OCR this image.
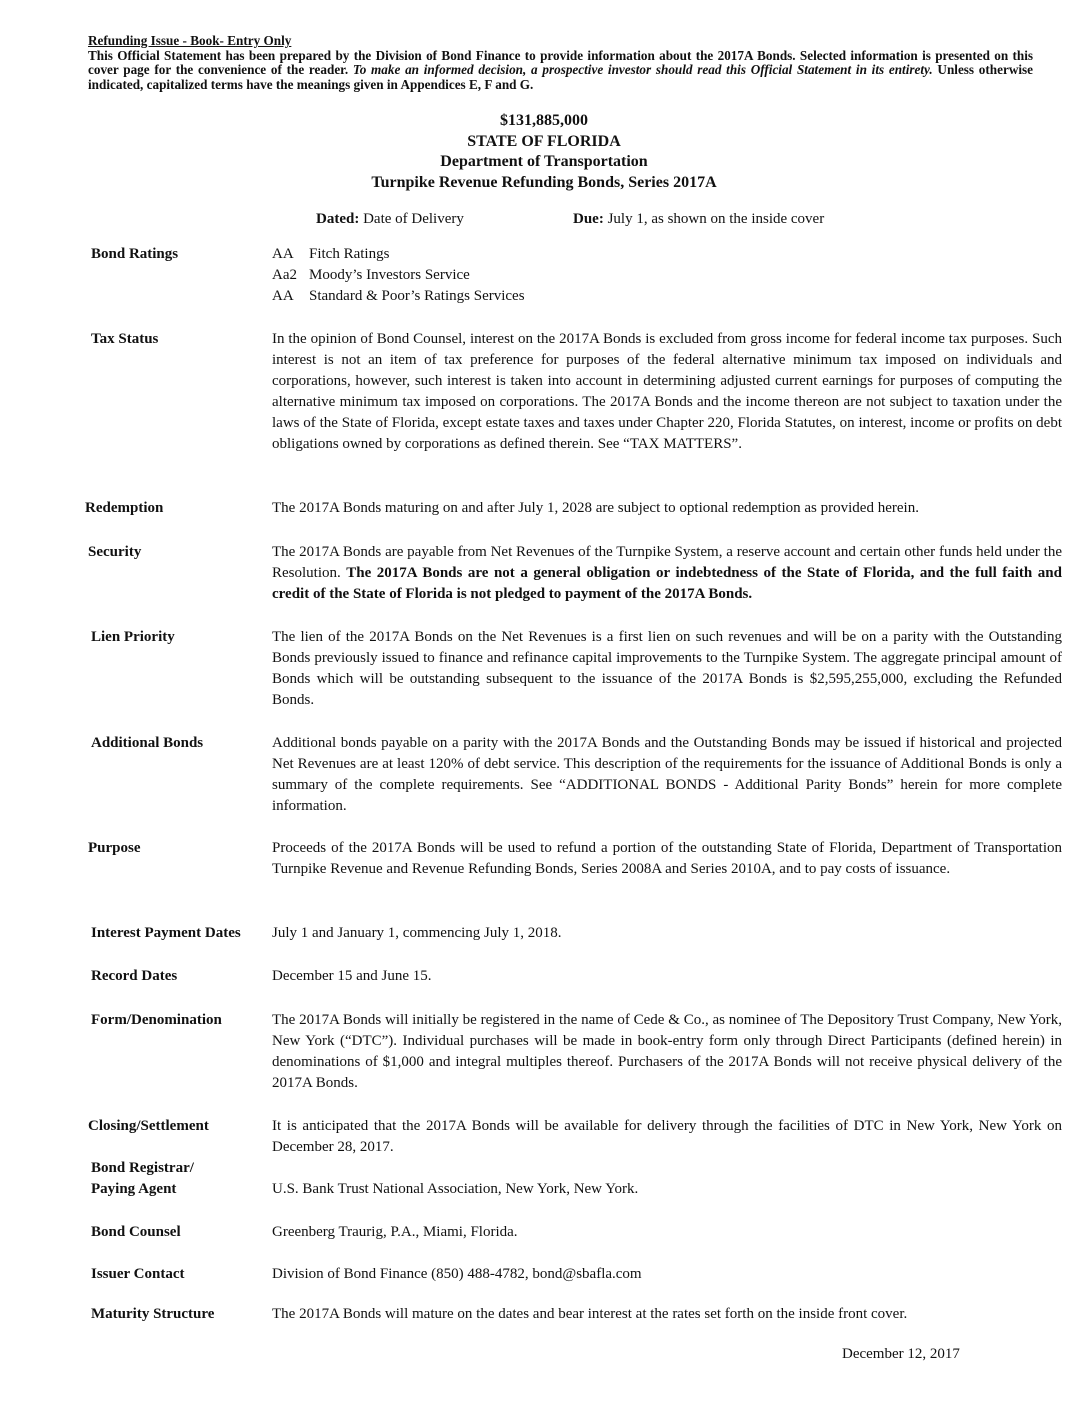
Refunding Issue - Book- Entry Only
This Official Statement has been prepared by the Division of Bond Finance to provide information about the 2017A Bonds. Selected information is presented on this cover page for the convenience of the reader. To make an informed decision, a prospective investor should read this Official Statement in its entirety. Unless otherwise indicated, capitalized terms have the meanings given in Appendices E, F and G.
$131,885,000
STATE OF FLORIDA
Department of Transportation
Turnpike Revenue Refunding Bonds, Series 2017A
Dated: Date of Delivery	Due: July 1, as shown on the inside cover
Bond Ratings	AA Fitch Ratings
Aa2 Moody’s Investors Service
AA Standard & Poor’s Ratings Services
Tax Status	In the opinion of Bond Counsel, interest on the 2017A Bonds is excluded from gross income for federal income tax purposes. Such interest is not an item of tax preference for purposes of the federal alternative minimum tax imposed on individuals and corporations, however, such interest is taken into account in determining adjusted current earnings for purposes of computing the alternative minimum tax imposed on corporations. The 2017A Bonds and the income thereon are not subject to taxation under the laws of the State of Florida, except estate taxes and taxes under Chapter 220, Florida Statutes, on interest, income or profits on debt obligations owned by corporations as defined therein. See “TAX MATTERS”.
Redemption	The 2017A Bonds maturing on and after July 1, 2028 are subject to optional redemption as provided herein.
Security	The 2017A Bonds are payable from Net Revenues of the Turnpike System, a reserve account and certain other funds held under the Resolution. The 2017A Bonds are not a general obligation or indebtedness of the State of Florida, and the full faith and credit of the State of Florida is not pledged to payment of the 2017A Bonds.
Lien Priority	The lien of the 2017A Bonds on the Net Revenues is a first lien on such revenues and will be on a parity with the Outstanding Bonds previously issued to finance and refinance capital improvements to the Turnpike System. The aggregate principal amount of Bonds which will be outstanding subsequent to the issuance of the 2017A Bonds is $2,595,255,000, excluding the Refunded Bonds.
Additional Bonds	Additional bonds payable on a parity with the 2017A Bonds and the Outstanding Bonds may be issued if historical and projected Net Revenues are at least 120% of debt service. This description of the requirements for the issuance of Additional Bonds is only a summary of the complete requirements. See “ADDITIONAL BONDS - Additional Parity Bonds” herein for more complete information.
Purpose	Proceeds of the 2017A Bonds will be used to refund a portion of the outstanding State of Florida, Department of Transportation Turnpike Revenue and Revenue Refunding Bonds, Series 2008A and Series 2010A, and to pay costs of issuance.
Interest Payment Dates July 1 and January 1, commencing July 1, 2018.
Record Dates	December 15 and June 15.
Form/Denomination	The 2017A Bonds will initially be registered in the name of Cede & Co., as nominee of The Depository Trust Company, New York, New York (“DTC”). Individual purchases will be made in book-entry form only through Direct Participants (defined herein) in denominations of $1,000 and integral multiples thereof. Purchasers of the 2017A Bonds will not receive physical delivery of the 2017A Bonds.
Closing/Settlement	It is anticipated that the 2017A Bonds will be available for delivery through the facilities of DTC in New York, New York on December 28, 2017.
Bond Registrar/
Paying Agent	U.S. Bank Trust National Association, New York, New York.
Bond Counsel	Greenberg Traurig, P.A., Miami, Florida.
Issuer Contact	Division of Bond Finance (850) 488-4782, bond@sbafla.com
Maturity Structure	The 2017A Bonds will mature on the dates and bear interest at the rates set forth on the inside front cover.
December 12, 2017
